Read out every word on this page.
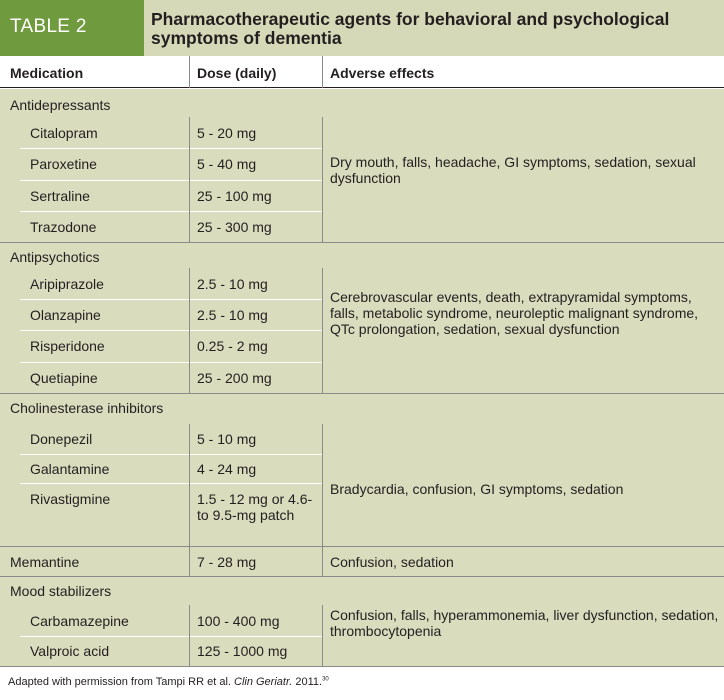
TABLE 2	Pharmacotherapeutic agents for behavioral and psychological symptoms of dementia
Medication	Dose (daily)	Adverse effects
Antidepressants
Citalopram	5 - 20 mg
Paroxetine	5 - 40 mg
Sertraline	25 - 100 mg
Trazodone	25 - 300 mg
Dry mouth, falls, headache, GI symptoms, sedation, sexual dysfunction
Antipsychotics
Aripiprazole	2.5 - 10 mg
Olanzapine	2.5 - 10 mg
Risperidone	0.25 - 2 mg
Quetiapine	25 - 200 mg
Cerebrovascular events, death, extrapyramidal symptoms, falls, metabolic syndrome, neuroleptic malignant syndrome, QTc prolongation, sedation, sexual dysfunction
Cholinesterase inhibitors
Donepezil	5 - 10 mg
Galantamine	4 - 24 mg
Rivastigmine	1.5 - 12 mg or 4.6- to 9.5-mg patch
Bradycardia, confusion, GI symptoms, sedation
Memantine	7 - 28 mg	Confusion, sedation
Mood stabilizers
Carbamazepine	100 - 400 mg
Valproic acid	125 - 1000 mg
Confusion, falls, hyperammonemia, liver dysfunction, sedation, thrombocytopenia
Adapted with permission from Tampi RR et al. Clin Geriatr. 2011.30
